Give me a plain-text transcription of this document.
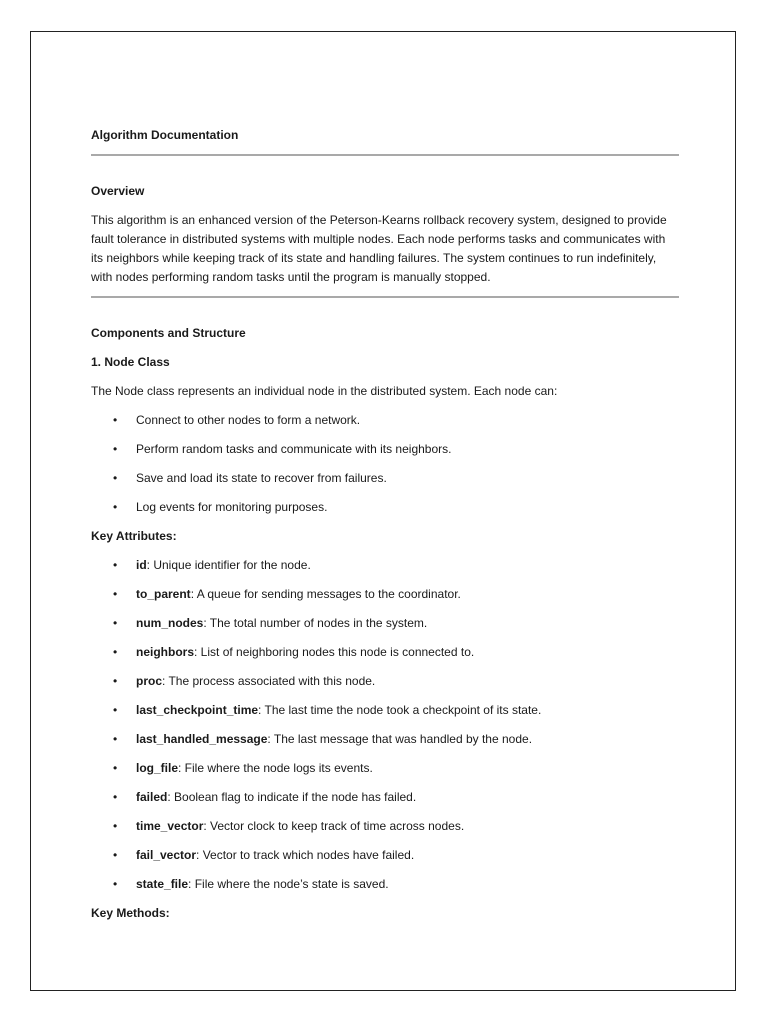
Algorithm Documentation

Overview

This algorithm is an enhanced version of the Peterson-Kearns rollback recovery system, designed to provide fault tolerance in distributed systems with multiple nodes. Each node performs tasks and communicates with its neighbors while keeping track of its state and handling failures. The system continues to run indefinitely, with nodes performing random tasks until the program is manually stopped.

Components and Structure

1. Node Class

The Node class represents an individual node in the distributed system. Each node can:

• Connect to other nodes to form a network.
• Perform random tasks and communicate with its neighbors.
• Save and load its state to recover from failures.
• Log events for monitoring purposes.

Key Attributes:

• id: Unique identifier for the node.
• to_parent: A queue for sending messages to the coordinator.
• num_nodes: The total number of nodes in the system.
• neighbors: List of neighboring nodes this node is connected to.
• proc: The process associated with this node.
• last_checkpoint_time: The last time the node took a checkpoint of its state.
• last_handled_message: The last message that was handled by the node.
• log_file: File where the node logs its events.
• failed: Boolean flag to indicate if the node has failed.
• time_vector: Vector clock to keep track of time across nodes.
• fail_vector: Vector to track which nodes have failed.
• state_file: File where the node’s state is saved.

Key Methods:
